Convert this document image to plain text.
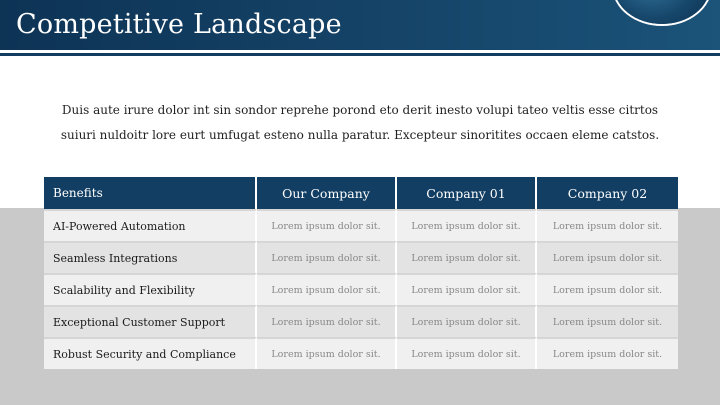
Competitive Landscape

Duis aute irure dolor int sin sondor reprehe porond eto derit inesto volupi tateo veltis esse citrtos suiuri nuldoitr lore eurt umfugat esteno nulla paratur. Excepteur sinoritites occaen eleme catstos.

Benefits	Our Company	Company 01	Company 02
AI-Powered Automation	Lorem ipsum dolor sit.	Lorem ipsum dolor sit.	Lorem ipsum dolor sit.
Seamless Integrations	Lorem ipsum dolor sit.	Lorem ipsum dolor sit.	Lorem ipsum dolor sit.
Scalability and Flexibility	Lorem ipsum dolor sit.	Lorem ipsum dolor sit.	Lorem ipsum dolor sit.
Exceptional Customer Support	Lorem ipsum dolor sit.	Lorem ipsum dolor sit.	Lorem ipsum dolor sit.
Robust Security and Compliance	Lorem ipsum dolor sit.	Lorem ipsum dolor sit.	Lorem ipsum dolor sit.
